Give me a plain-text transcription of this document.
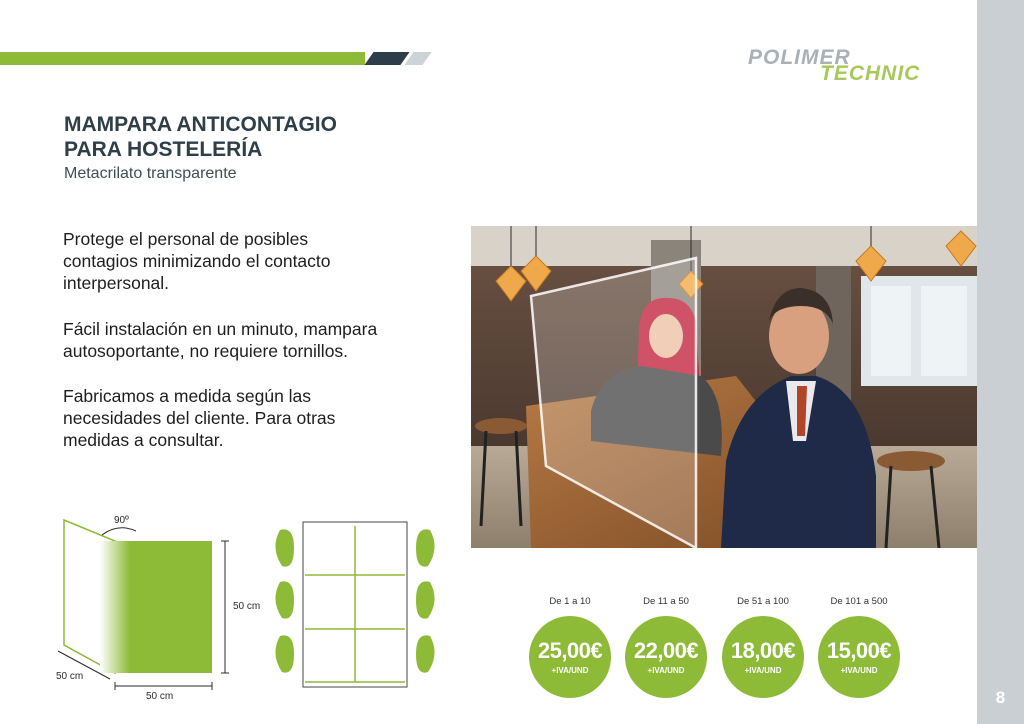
8
POLIMER
TECHNIC
MAMPARA ANTICONTAGIO
PARA HOSTELERÍA
Metacrilato transparente
Protege el personal de posibles
contagios minimizando el contacto
interpersonal.
Fácil instalación en un minuto, mampara
autosoportante, no requiere tornillos.
Fabricamos a medida según las
necesidades del cliente. Para otras
medidas a consultar.
90º
50 cm
50 cm
50 cm
De 1 a 10
25,00€
+IVA/UND
De 11 a 50
22,00€
+IVA/UND
De 51 a 100
18,00€
+IVA/UND
De 101 a 500
15,00€
+IVA/UND
